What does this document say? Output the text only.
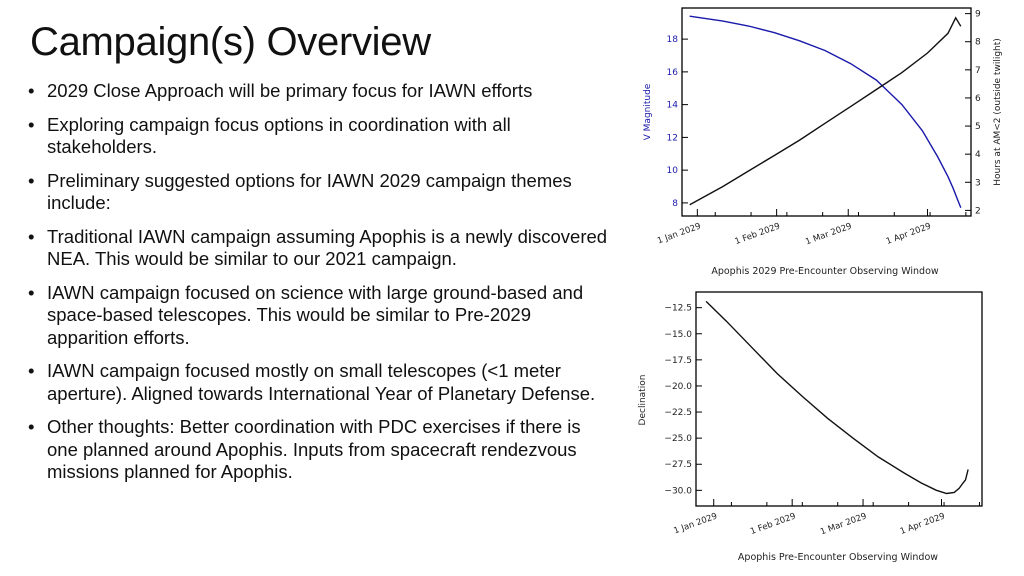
Campaign(s) Overview
• 2029 Close Approach will be primary focus for IAWN efforts
• Exploring campaign focus options in coordination with all stakeholders.
• Preliminary suggested options for IAWN 2029 campaign themes include:
• Traditional IAWN campaign assuming Apophis is a newly discovered NEA. This would be similar to our 2021 campaign.
• IAWN campaign focused on science with large ground-based and space-based telescopes. This would be similar to Pre-2029 apparition efforts.
• IAWN campaign focused mostly on small telescopes (<1 meter aperture). Aligned towards International Year of Planetary Defense.
• Other thoughts: Better coordination with PDC exercises if there is one planned around Apophis. Inputs from spacecraft rendezvous missions planned for Apophis.
8
10
12
14
16
18
2
3
4
5
6
7
8
9
1 Jan 2029	1 Feb 2029	1 Mar 2029	1 Apr 2029
V Magnitude	Hours at AM<2 (outside twilight)
Apophis 2029 Pre-Encounter Observing Window
−12.5
−15.0
−17.5
−20.0
−22.5
−25.0
−27.5
−30.0
1 Jan 2029	1 Feb 2029	1 Mar 2029	1 Apr 2029
Declination
Apophis Pre-Encounter Observing Window
